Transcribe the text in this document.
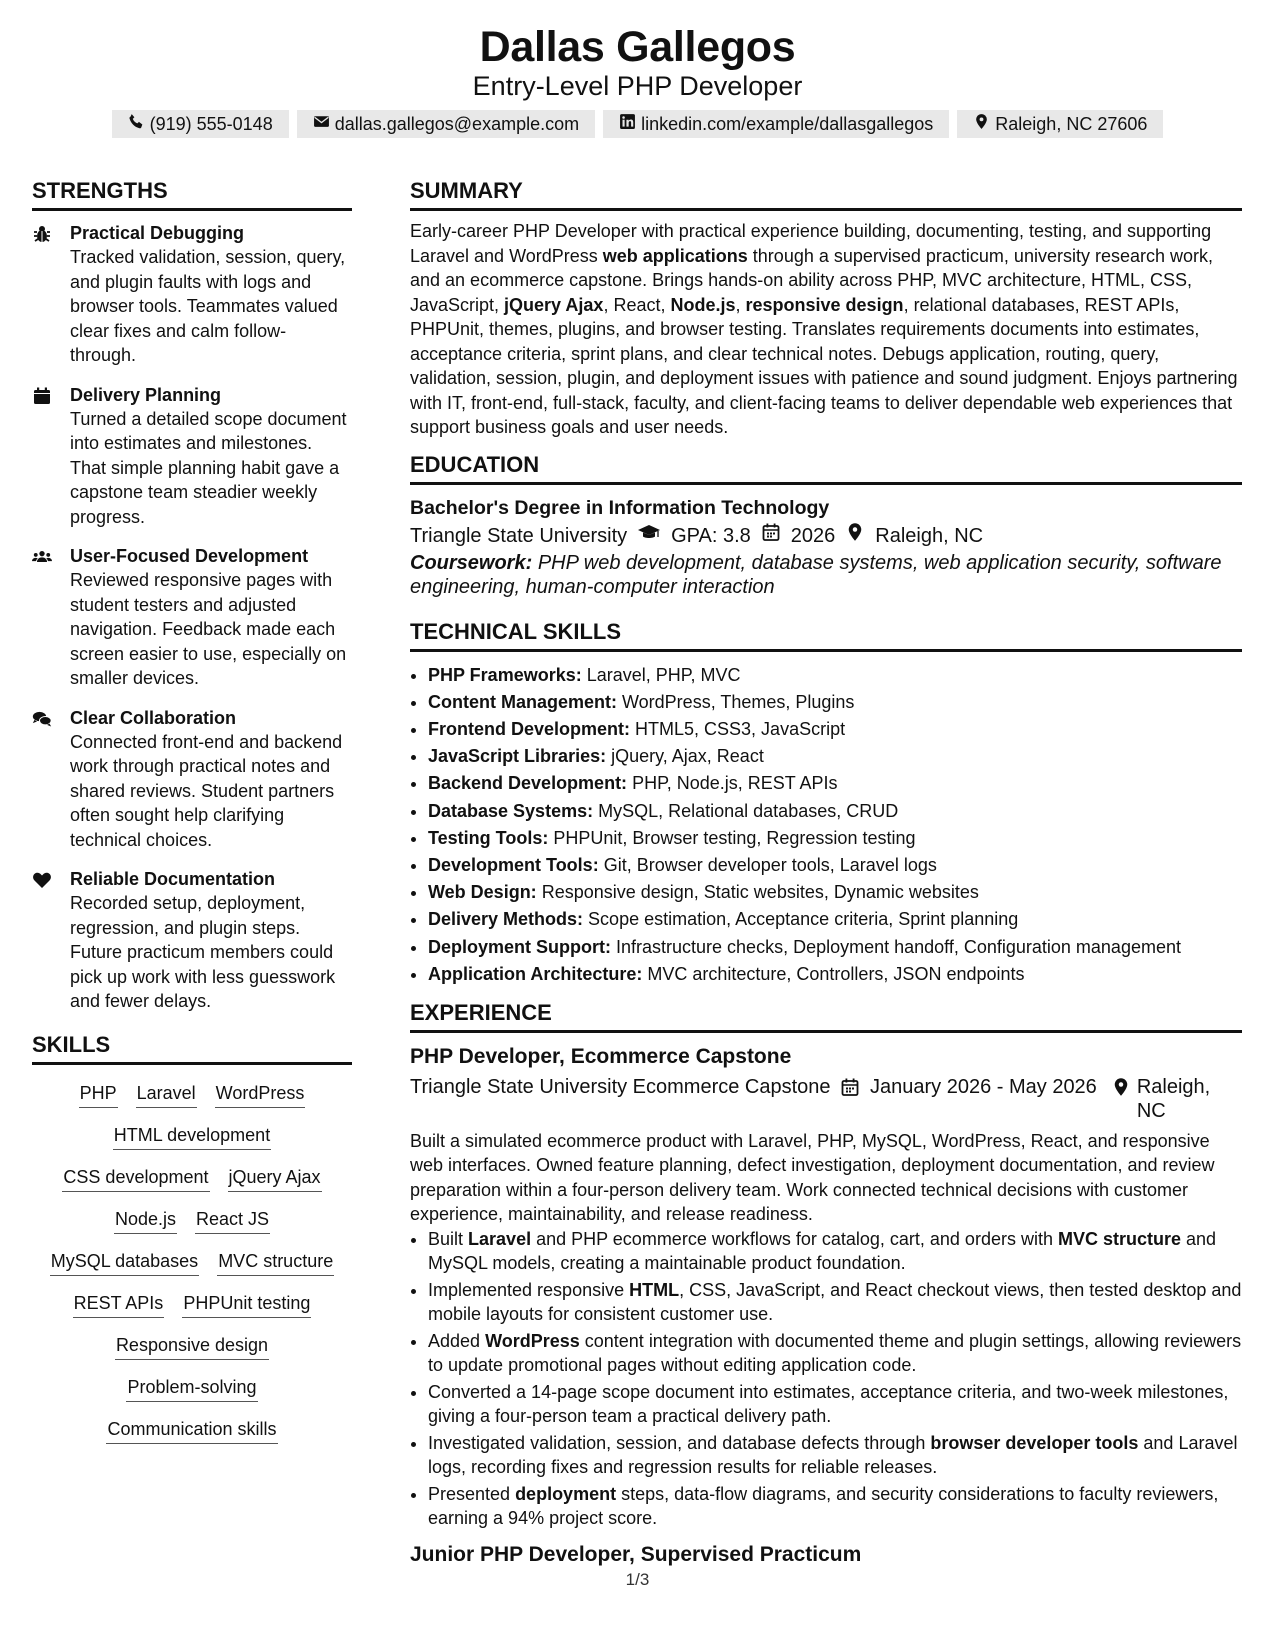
Dallas Gallegos
Entry-Level PHP Developer
(919) 555-0148	dallas.gallegos@example.com	linkedin.com/example/dallasgallegos	Raleigh, NC 27606
STRENGTHS
Practical Debugging
Tracked validation, session, query, and plugin faults with logs and browser tools. Teammates valued clear fixes and calm follow-through.
Delivery Planning
Turned a detailed scope document into estimates and milestones. That simple planning habit gave a capstone team steadier weekly progress.
User-Focused Development
Reviewed responsive pages with student testers and adjusted navigation. Feedback made each screen easier to use, especially on smaller devices.
Clear Collaboration
Connected front-end and backend work through practical notes and shared reviews. Student partners often sought help clarifying technical choices.
Reliable Documentation
Recorded setup, deployment, regression, and plugin steps. Future practicum members could pick up work with less guesswork and fewer delays.
SKILLS
PHP Laravel WordPress
HTML development
CSS development jQuery Ajax
Node.js React JS
MySQL databases MVC structure
REST APIs PHPUnit testing
Responsive design
Problem-solving
Communication skills
SUMMARY
Early-career PHP Developer with practical experience building, documenting, testing, and supporting Laravel and WordPress web applications through a supervised practicum, university research work, and an ecommerce capstone. Brings hands-on ability across PHP, MVC architecture, HTML, CSS, JavaScript, jQuery Ajax, React, Node.js, responsive design, relational databases, REST APIs, PHPUnit, themes, plugins, and browser testing. Translates requirements documents into estimates, acceptance criteria, sprint plans, and clear technical notes. Debugs application, routing, query, validation, session, plugin, and deployment issues with patience and sound judgment. Enjoys partnering with IT, front-end, full-stack, faculty, and client-facing teams to deliver dependable web experiences that support business goals and user needs.
EDUCATION
Bachelor's Degree in Information Technology
Triangle State University GPA: 3.8 2026 Raleigh, NC
Coursework: PHP web development, database systems, web application security, software engineering, human-computer interaction
TECHNICAL SKILLS
• PHP Frameworks: Laravel, PHP, MVC
• Content Management: WordPress, Themes, Plugins
• Frontend Development: HTML5, CSS3, JavaScript
• JavaScript Libraries: jQuery, Ajax, React
• Backend Development: PHP, Node.js, REST APIs
• Database Systems: MySQL, Relational databases, CRUD
• Testing Tools: PHPUnit, Browser testing, Regression testing
• Development Tools: Git, Browser developer tools, Laravel logs
• Web Design: Responsive design, Static websites, Dynamic websites
• Delivery Methods: Scope estimation, Acceptance criteria, Sprint planning
• Deployment Support: Infrastructure checks, Deployment handoff, Configuration management
• Application Architecture: MVC architecture, Controllers, JSON endpoints
EXPERIENCE
PHP Developer, Ecommerce Capstone
Triangle State University Ecommerce Capstone	January 2026 - May 2026 Raleigh, NC
Built a simulated ecommerce product with Laravel, PHP, MySQL, WordPress, React, and responsive web interfaces. Owned feature planning, defect investigation, deployment documentation, and review preparation within a four-person delivery team. Work connected technical decisions with customer experience, maintainability, and release readiness.
• Built Laravel and PHP ecommerce workflows for catalog, cart, and orders with MVC structure and MySQL models, creating a maintainable product foundation.
• Implemented responsive HTML, CSS, JavaScript, and React checkout views, then tested desktop and mobile layouts for consistent customer use.
• Added WordPress content integration with documented theme and plugin settings, allowing reviewers to update promotional pages without editing application code.
• Converted a 14-page scope document into estimates, acceptance criteria, and two-week milestones, giving a four-person team a practical delivery path.
• Investigated validation, session, and database defects through browser developer tools and Laravel logs, recording fixes and regression results for reliable releases.
• Presented deployment steps, data-flow diagrams, and security considerations to faculty reviewers, earning a 94% project score.
Junior PHP Developer, Supervised Practicum
1/3
